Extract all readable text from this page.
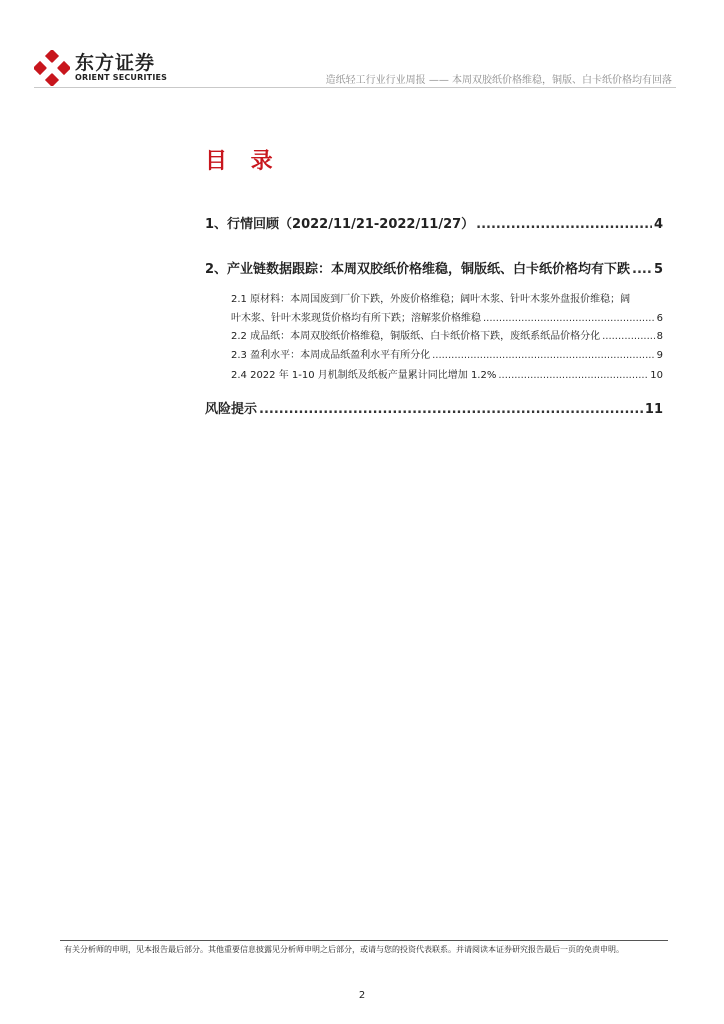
东方证券
ORIENT SECURITIES	造纸轻工行业行业周报 —— 本周双胶纸价格维稳，铜版、白卡纸价格均有回落
目 录
1、行情回顾（2022/11/21-2022/11/27） .....	4
2、产业链数据跟踪：本周双胶纸价格维稳，铜版纸、白卡纸价格均有下跌 ..... 5
2.1 原材料：本周国废到厂价下跌，外废价格维稳；阔叶木浆、针叶木浆外盘报价维稳；阔
叶木浆、针叶木浆现货价格均有所下跌；溶解浆价格维稳 .....	6
2.2 成品纸：本周双胶纸价格维稳，铜版纸、白卡纸价格下跌，废纸系纸品价格分化 .....	8
2.3 盈利水平：本周成品纸盈利水平有所分化 .....	9
2.4 2022 年 1-10 月机制纸及纸板产量累计同比增加 1.2% .....	10
风险提示 .....	11
有关分析师的申明，见本报告最后部分。其他重要信息披露见分析师申明之后部分，或请与您的投资代表联系。并请阅读本证券研究报告最后一页的免责申明。
2
